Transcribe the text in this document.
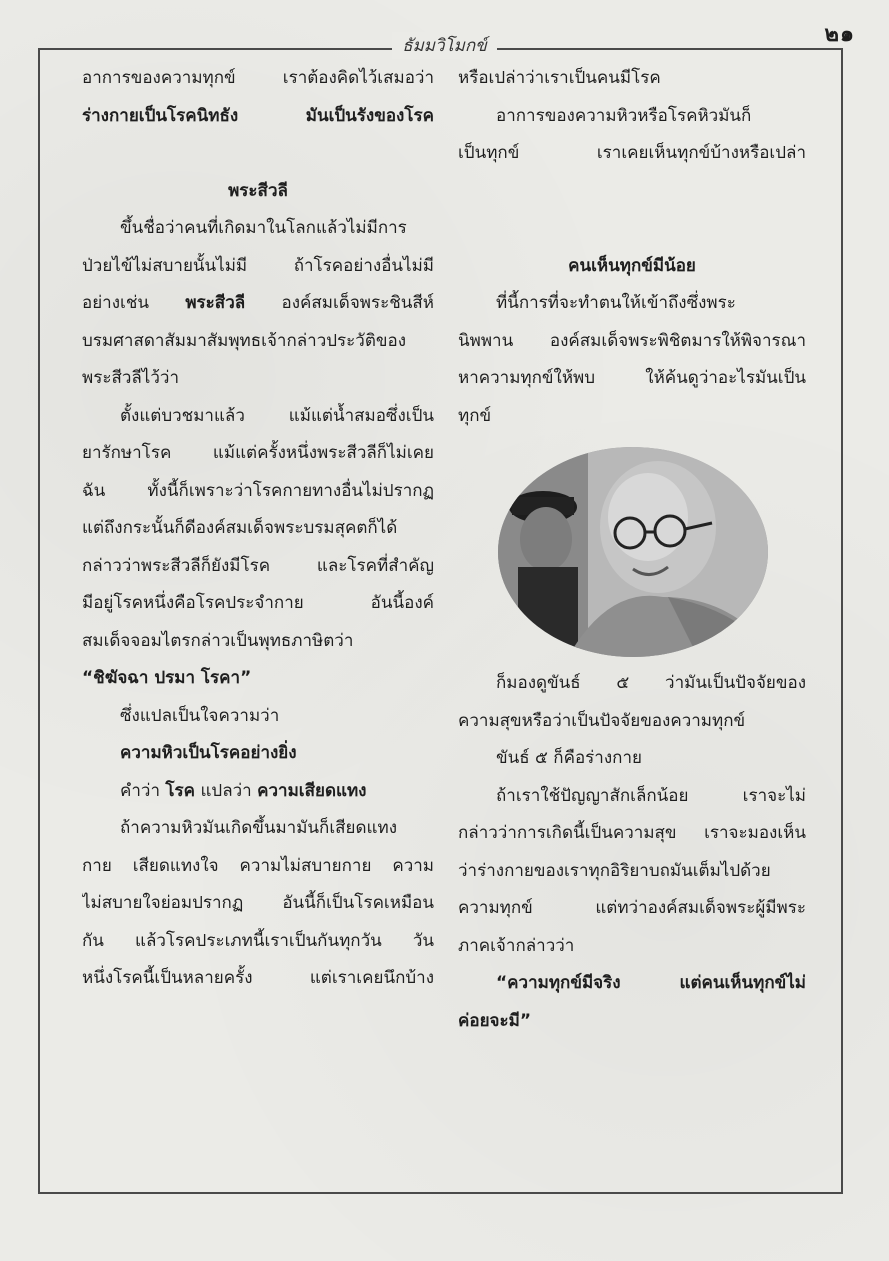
๒๑
ธัมมวิโมกข์
อาการของความทุกข์ เราต้องคิดไว้เสมอว่า
ร่างกายเป็นโรคนิทธัง มันเป็นรังของโรค
พระสีวลี
ขึ้นชื่อว่าคนที่เกิดมาในโลกแล้วไม่มีการ
ป่วยไข้ไม่สบายนั้นไม่มี ถ้าโรคอย่างอื่นไม่มี
อย่างเช่น พระสีวลี องค์สมเด็จพระชินสีห์
บรมศาสดาสัมมาสัมพุทธเจ้ากล่าวประวัติของ
พระสีวลีไว้ว่า
ตั้งแต่บวชมาแล้ว แม้แต่น้ำสมอซึ่งเป็น
ยารักษาโรค แม้แต่ครั้งหนึ่งพระสีวลีก็ไม่เคย
ฉัน ทั้งนี้ก็เพราะว่าโรคกายทางอื่นไม่ปรากฏ
แต่ถึงกระนั้นก็ดีองค์สมเด็จพระบรมสุคตก็ได้
กล่าวว่าพระสีวลีก็ยังมีโรค และโรคที่สำคัญ
มีอยู่โรคหนึ่งคือโรคประจำกาย อันนี้องค์
สมเด็จจอมไตรกล่าวเป็นพุทธภาษิตว่า
“ชิฆัจฉา ปรมา โรคา”
ซึ่งแปลเป็นใจความว่า
ความหิวเป็นโรคอย่างยิ่ง
คำว่า โรค แปลว่า ความเสียดแทง
ถ้าความหิวมันเกิดขึ้นมามันก็เสียดแทง
กาย เสียดแทงใจ ความไม่สบายกาย ความ
ไม่สบายใจย่อมปรากฏ อันนี้ก็เป็นโรคเหมือน
กัน แล้วโรคประเภทนี้เราเป็นกันทุกวัน วัน
หนึ่งโรคนี้เป็นหลายครั้ง แต่เราเคยนึกบ้าง
หรือเปล่าว่าเราเป็นคนมีโรค
อาการของความหิวหรือโรคหิวมันก็
เป็นทุกข์ เราเคยเห็นทุกข์บ้างหรือเปล่า
คนเห็นทุกข์มีน้อย
ที่นี้การที่จะทำตนให้เข้าถึงซึ่งพระ
นิพพาน องค์สมเด็จพระพิชิตมารให้พิจารณา
หาความทุกข์ให้พบ ให้ค้นดูว่าอะไรมันเป็น
ทุกข์
ก็มองดูขันธ์ ๕ ว่ามันเป็นปัจจัยของ
ความสุขหรือว่าเป็นปัจจัยของความทุกข์
ขันธ์ ๕ ก็คือร่างกาย
ถ้าเราใช้ปัญญาสักเล็กน้อย เราจะไม่
กล่าวว่าการเกิดนี้เป็นความสุข เราจะมองเห็น
ว่าร่างกายของเราทุกอิริยาบถมันเต็มไปด้วย
ความทุกข์ แต่ทว่าองค์สมเด็จพระผู้มีพระ
ภาคเจ้ากล่าวว่า
“ความทุกข์มีจริง แต่คนเห็นทุกข์ไม่
ค่อยจะมี”
